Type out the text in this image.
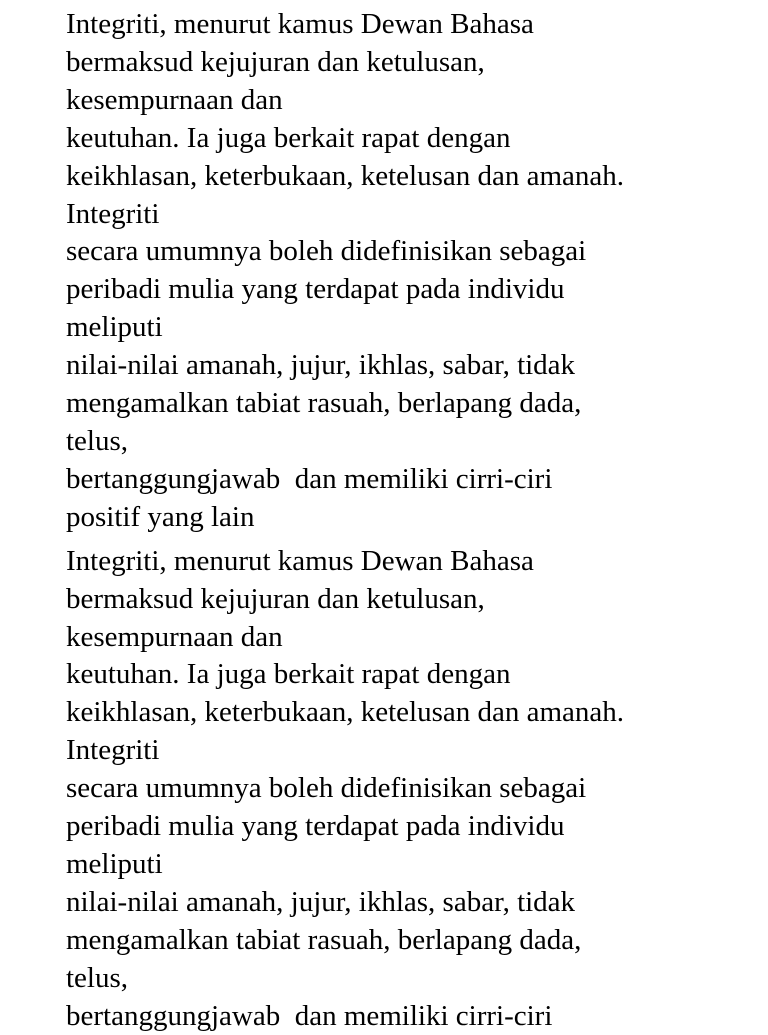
Integriti, menurut kamus Dewan Bahasa
bermaksud kejujuran dan ketulusan,
kesempurnaan dan
keutuhan. Ia juga berkait rapat dengan
keikhlasan, keterbukaan, ketelusan dan amanah.
Integriti
secara umumnya boleh didefinisikan sebagai
peribadi mulia yang terdapat pada individu
meliputi
nilai-nilai amanah, jujur, ikhlas, sabar, tidak
mengamalkan tabiat rasuah, berlapang dada,
telus,
bertanggungjawab  dan memiliki cirri-ciri
positif yang lain

Integriti, menurut kamus Dewan Bahasa
bermaksud kejujuran dan ketulusan,
kesempurnaan dan
keutuhan. Ia juga berkait rapat dengan
keikhlasan, keterbukaan, ketelusan dan amanah.
Integriti
secara umumnya boleh didefinisikan sebagai
peribadi mulia yang terdapat pada individu
meliputi
nilai-nilai amanah, jujur, ikhlas, sabar, tidak
mengamalkan tabiat rasuah, berlapang dada,
telus,
bertanggungjawab  dan memiliki cirri-ciri
